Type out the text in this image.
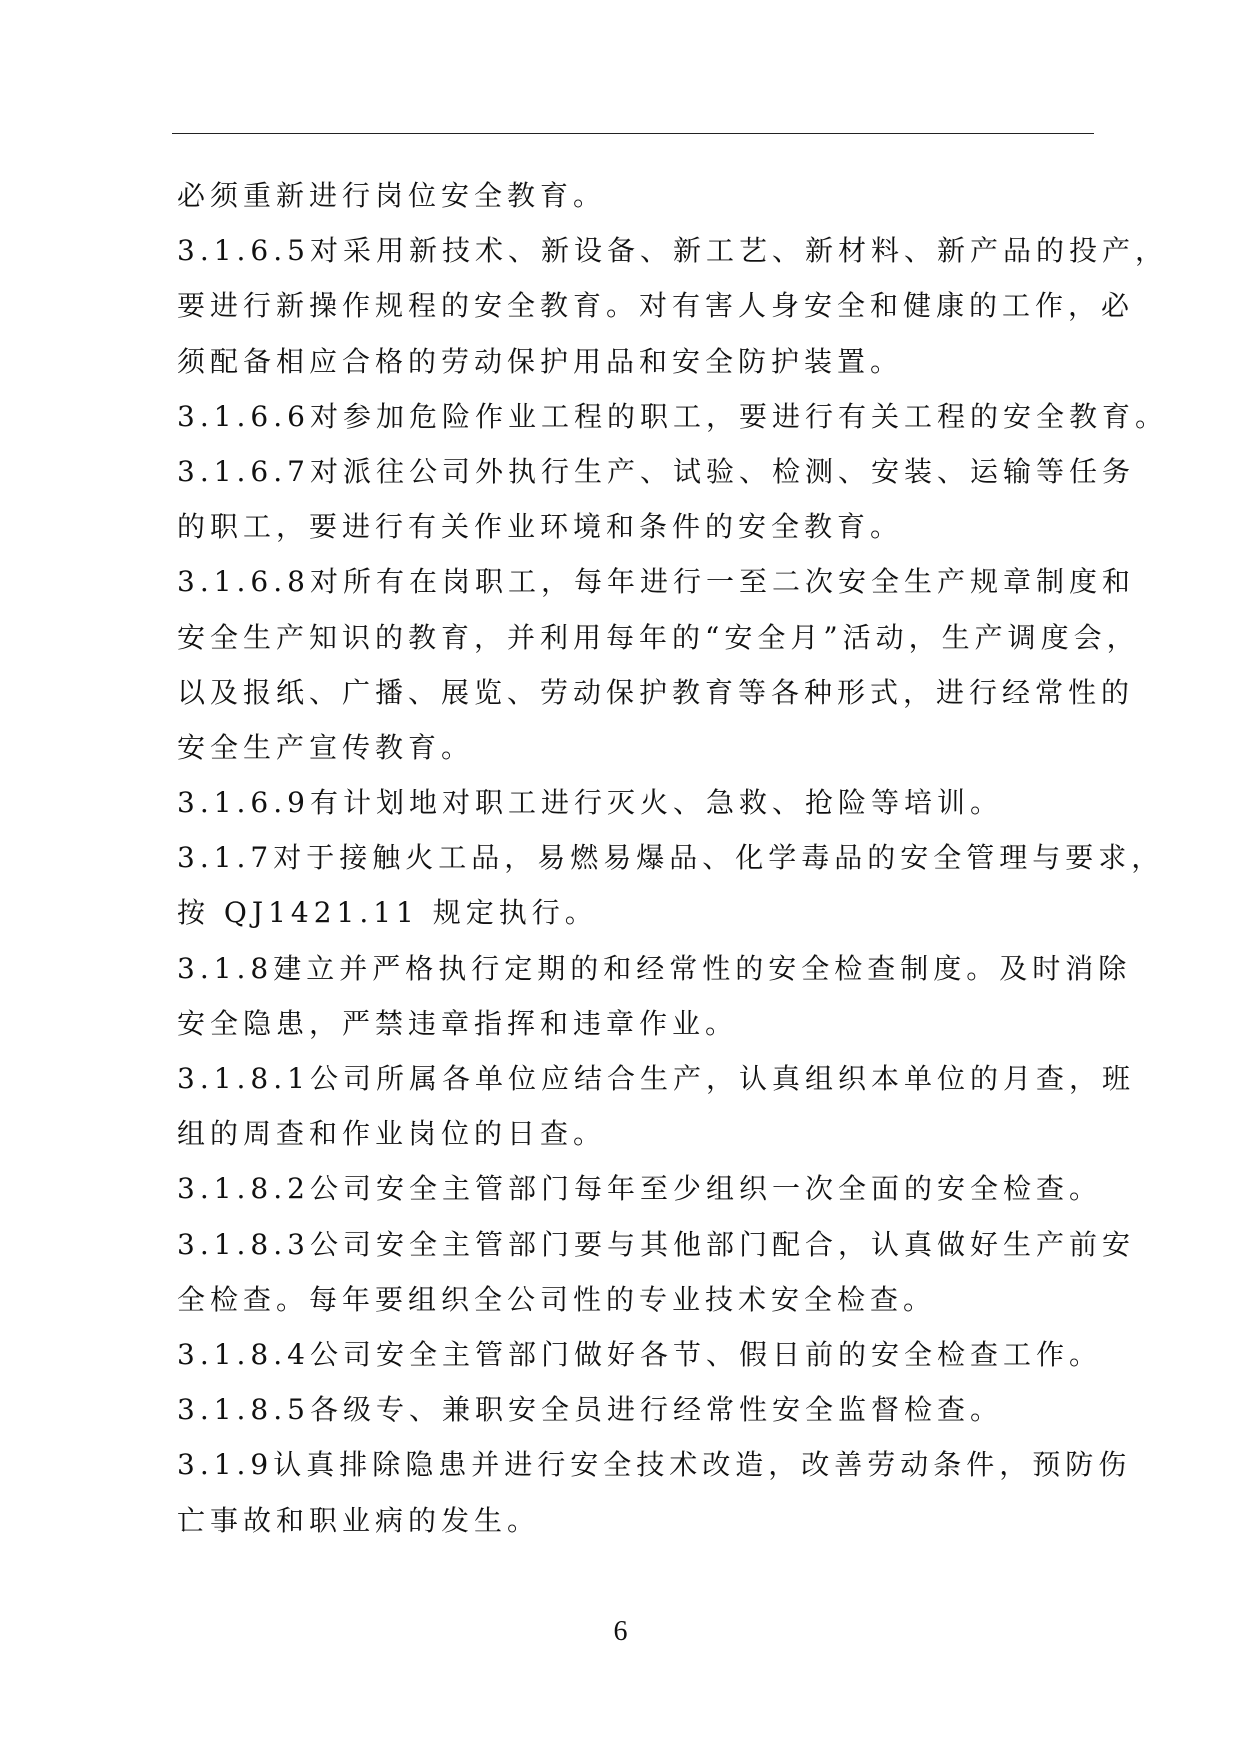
必须重新进行岗位安全教育。
3.1.6.5对采用新技术、新设备、新工艺、新材料、新产品的投产，
要进行新操作规程的安全教育。对有害人身安全和健康的工作，必
须配备相应合格的劳动保护用品和安全防护装置。
3.1.6.6对参加危险作业工程的职工，要进行有关工程的安全教育。
3.1.6.7对派往公司外执行生产、试验、检测、安装、运输等任务
的职工，要进行有关作业环境和条件的安全教育。
3.1.6.8对所有在岗职工，每年进行一至二次安全生产规章制度和
安全生产知识的教育，并利用每年的“安全月”活动，生产调度会，
以及报纸、广播、展览、劳动保护教育等各种形式，进行经常性的
安全生产宣传教育。
3.1.6.9有计划地对职工进行灭火、急救、抢险等培训。
3.1.7对于接触火工品，易燃易爆品、化学毒品的安全管理与要求，
按 QJ1421.11 规定执行。
3.1.8建立并严格执行定期的和经常性的安全检查制度。及时消除
安全隐患，严禁违章指挥和违章作业。
3.1.8.1公司所属各单位应结合生产，认真组织本单位的月查，班
组的周查和作业岗位的日查。
3.1.8.2公司安全主管部门每年至少组织一次全面的安全检查。
3.1.8.3公司安全主管部门要与其他部门配合，认真做好生产前安
全检查。每年要组织全公司性的专业技术安全检查。
3.1.8.4公司安全主管部门做好各节、假日前的安全检查工作。
3.1.8.5各级专、兼职安全员进行经常性安全监督检查。
3.1.9认真排除隐患并进行安全技术改造，改善劳动条件，预防伤
亡事故和职业病的发生。
6
